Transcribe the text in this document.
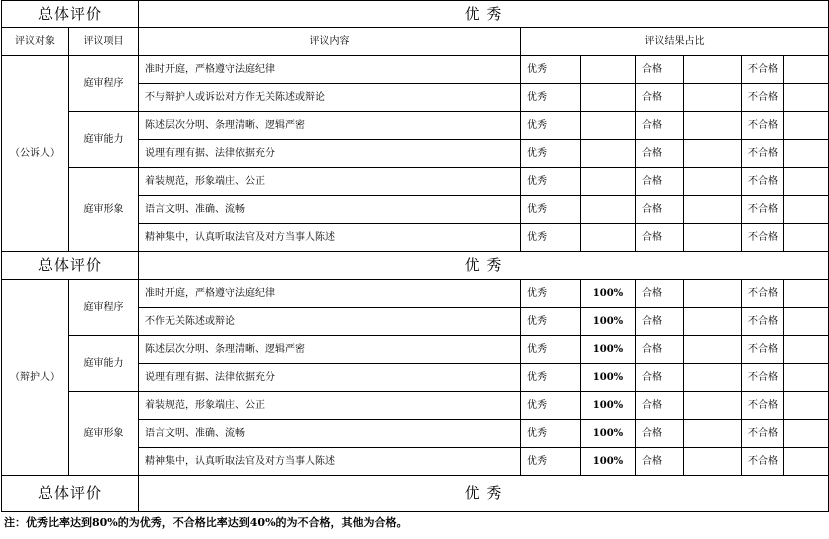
总体评价		优 秀						
评议对象	评议项目	评议内容	评议结果占比					
（公诉人）	庭审程序	准时开庭，严格遵守法庭纪律	优秀		合格		不合格	
		不与辩护人或诉讼对方作无关陈述或辩论	优秀		合格		不合格	
	庭审能力	陈述层次分明、条理清晰、逻辑严密	优秀		合格		不合格	
		说理有理有据、法律依据充分	优秀		合格		不合格	
	庭审形象	着装规范，形象端庄、公正	优秀		合格		不合格	
		语言文明、准确、流畅	优秀		合格		不合格	
		精神集中，认真听取法官及对方当事人陈述	优秀		合格		不合格	
总体评价		优 秀						
（辩护人）	庭审程序	准时开庭，严格遵守法庭纪律	优秀	100%	合格		不合格	
		不作无关陈述或辩论	优秀	100%	合格		不合格	
	庭审能力	陈述层次分明、条理清晰、逻辑严密	优秀	100%	合格		不合格	
		说理有理有据、法律依据充分	优秀	100%	合格		不合格	
	庭审形象	着装规范，形象端庄、公正	优秀	100%	合格		不合格	
		语言文明、准确、流畅	优秀	100%	合格		不合格	
		精神集中，认真听取法官及对方当事人陈述	优秀	100%	合格		不合格	
总体评价		优 秀						
注：优秀比率达到80%的为优秀，不合格比率达到40%的为不合格，其他为合格。
